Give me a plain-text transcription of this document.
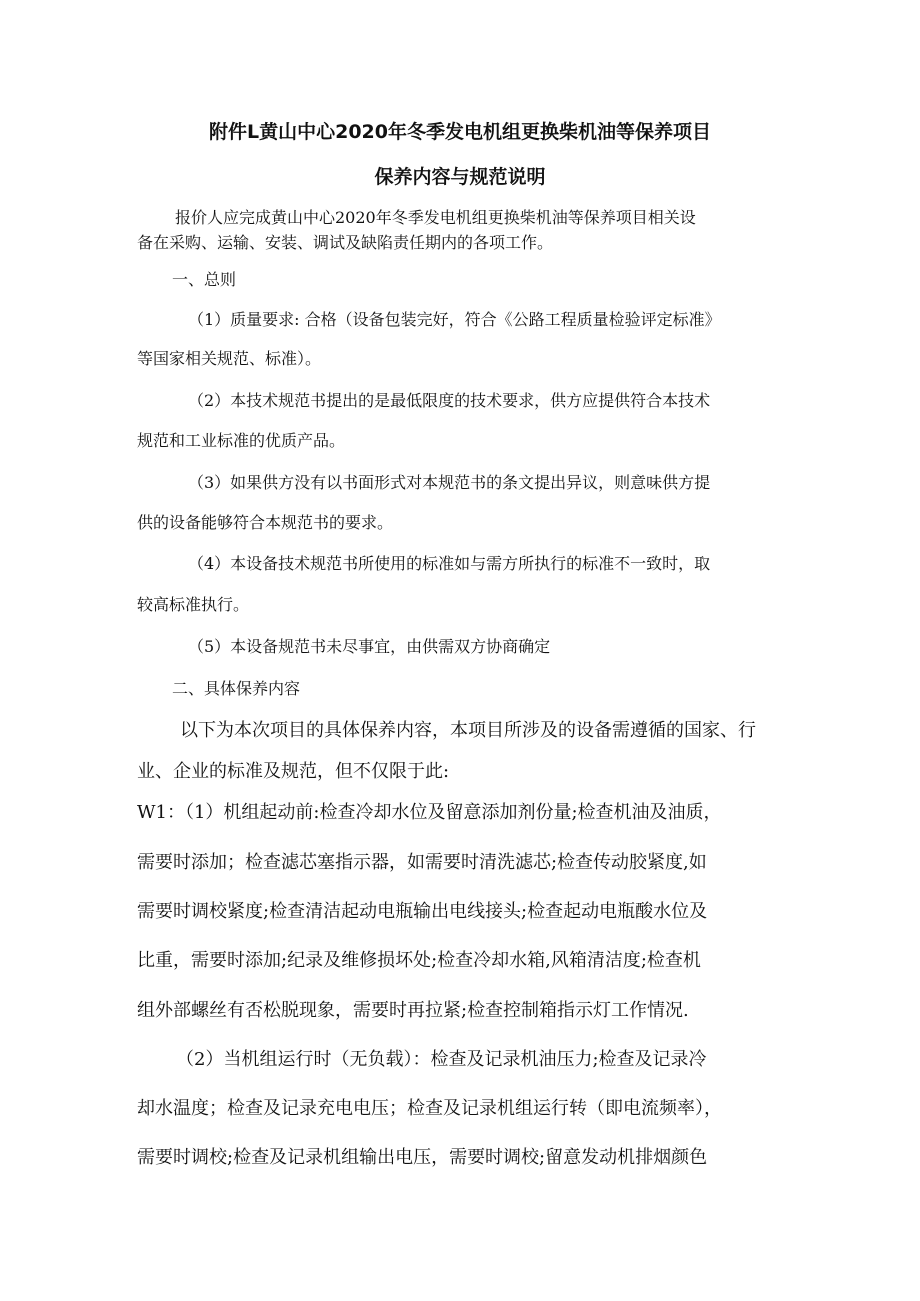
附件L黄山中心2020年冬季发电机组更换柴机油等保养项目
保养内容与规范说明
报价人应完成黄山中心2020年冬季发电机组更换柴机油等保养项目相关设
备在采购、运输、安装、调试及缺陷责任期内的各项工作。
一、总则
（1）质量要求: 合格（设备包装完好，符合《公路工程质量检验评定标准》
等国家相关规范、标准）。
（2）本技术规范书提出的是最低限度的技术要求，供方应提供符合本技术
规范和工业标准的优质产品。
（3）如果供方没有以书面形式对本规范书的条文提出异议，则意味供方提
供的设备能够符合本规范书的要求。
（4）本设备技术规范书所使用的标准如与需方所执行的标准不一致时，取
较高标准执行。
（5）本设备规范书未尽事宜，由供需双方协商确定
二、具体保养内容
以下为本次项目的具体保养内容，本项目所涉及的设备需遵循的国家、行
业、企业的标准及规范，但不仅限于此:
W1：（1）机组起动前:检查冷却水位及留意添加剂份量;检查机油及油质，
需要时添加；检查滤芯塞指示器，如需要时清洗滤芯;检查传动胶紧度,如
需要时调校紧度;检查清洁起动电瓶输出电线接头;检查起动电瓶酸水位及
比重，需要时添加;纪录及维修损坏处;检查冷却水箱,风箱清洁度;检查机
组外部螺丝有否松脱现象，需要时再拉紧;检查控制箱指示灯工作情况.
（2）当机组运行时（无负载）：检查及记录机油压力;检查及记录冷
却水温度；检查及记录充电电压；检查及记录机组运行转（即电流频率），
需要时调校;检查及记录机组输出电压，需要时调校;留意发动机排烟颜色
